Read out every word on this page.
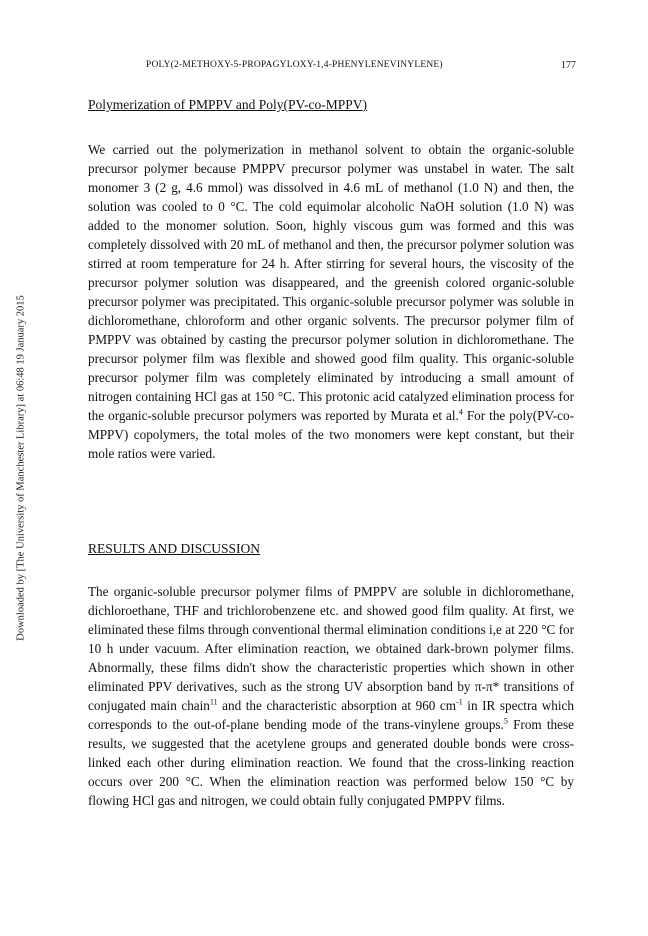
Downloaded by [The University of Manchester Library] at 06:48 19 January 2015
POLY(2-METHOXY-5-PROPAGYLOXY-1,4-PHENYLENEVINYLENE)	177
Polymerization of PMPPV and Poly(PV-co-MPPV)

We carried out the polymerization in methanol solvent to obtain the organic-soluble precursor polymer because PMPPV precursor polymer was unstabel in water. The salt monomer 3 (2 g, 4.6 mmol) was dissolved in 4.6 mL of methanol (1.0 N) and then, the solution was cooled to 0 °C. The cold equimolar alcoholic NaOH solution (1.0 N) was added to the monomer solution. Soon, highly viscous gum was formed and this was completely dissolved with 20 mL of methanol and then, the precursor polymer solution was stirred at room temperature for 24 h. After stirring for several hours, the viscosity of the precursor polymer solution was disappeared, and the greenish colored organic-soluble precursor polymer was precipitated. This organic-soluble precursor polymer was soluble in dichloromethane, chloroform and other organic solvents. The precursor polymer film of PMPPV was obtained by casting the precursor polymer solution in dichloromethane. The precursor polymer film was flexible and showed good film quality. This organic-soluble precursor polymer film was completely eliminated by introducing a small amount of nitrogen containing HCl gas at 150 °C. This protonic acid catalyzed elimination process for the organic-soluble precursor polymers was reported by Murata et al.$^4$ For the poly(PV-co-MPPV) copolymers, the total moles of the two monomers were kept constant, but their mole ratios were varied.

RESULTS AND DISCUSSION

The organic-soluble precursor polymer films of PMPPV are soluble in dichloromethane, dichloroethane, THF and trichlorobenzene etc. and showed good film quality. At first, we eliminated these films through conventional thermal elimination conditions i,e at 220 °C for 10 h under vacuum. After elimination reaction, we obtained dark-brown polymer films. Abnormally, these films didn't show the characteristic properties which shown in other eliminated PPV derivatives, such as the strong UV absorption band by π-π* transitions of conjugated main chain$^{11}$ and the characteristic absorption at 960 $cm^{-1}$ in IR spectra which corresponds to the out-of-plane bending mode of the trans-vinylene groups.$^5$ From these results, we suggested that the acetylene groups and generated double bonds were cross-linked each other during elimination reaction. We found that the cross-linking reaction occurs over 200 °C. When the elimination reaction was performed below 150 °C by flowing HCl gas and nitrogen, we could obtain fully conjugated PMPPV films.
